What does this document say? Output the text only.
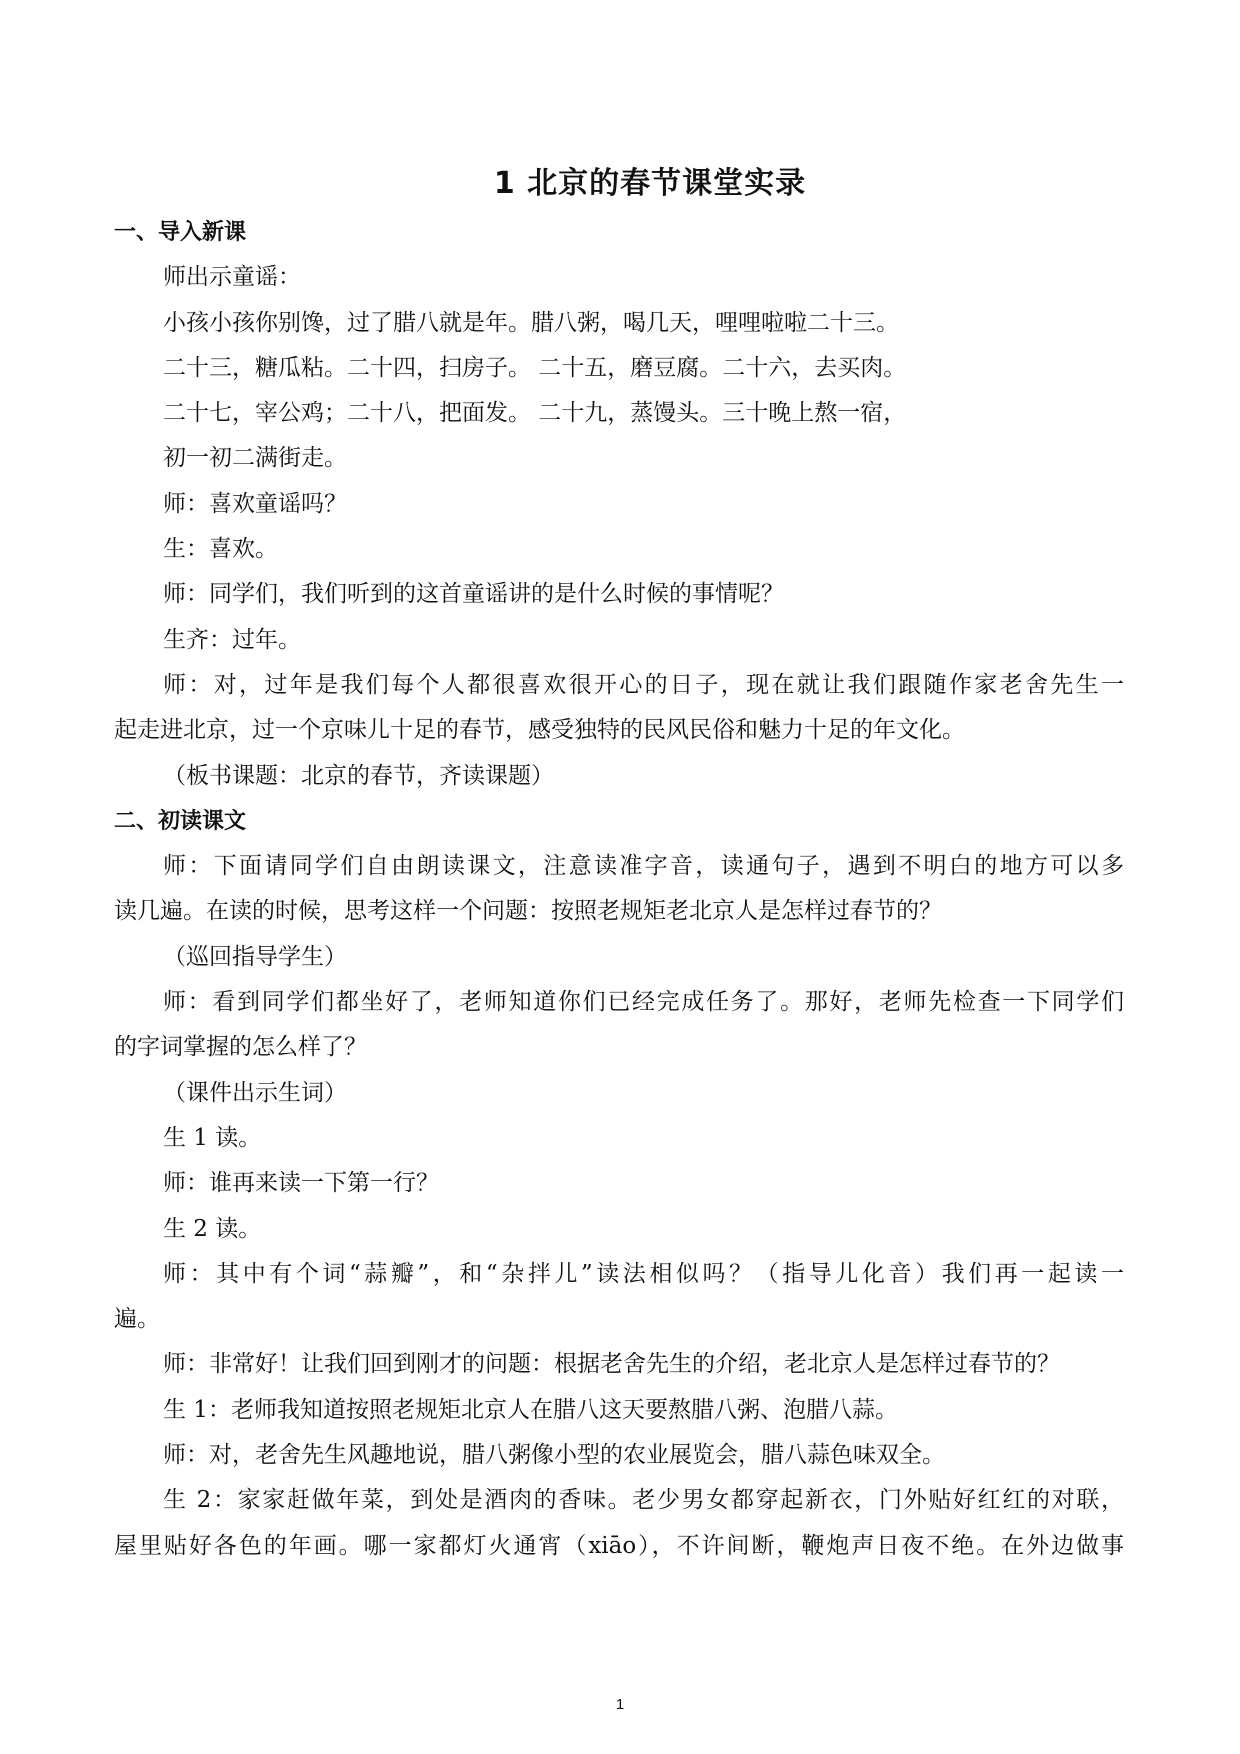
1 北京的春节课堂实录
一、导入新课
师出示童谣：
小孩小孩你别馋，过了腊八就是年。腊八粥，喝几天，哩哩啦啦二十三。
二十三，糖瓜粘。二十四，扫房子。 二十五，磨豆腐。二十六，去买肉。
二十七，宰公鸡；二十八，把面发。 二十九，蒸馒头。三十晚上熬一宿，
初一初二满街走。
师：喜欢童谣吗？
生：喜欢。
师：同学们，我们听到的这首童谣讲的是什么时候的事情呢？
生齐：过年。
师：对，过年是我们每个人都很喜欢很开心的日子，现在就让我们跟随作家老舍先生一
起走进北京，过一个京味儿十足的春节，感受独特的民风民俗和魅力十足的年文化。
（板书课题：北京的春节，齐读课题）
二、初读课文
师：下面请同学们自由朗读课文，注意读准字音，读通句子，遇到不明白的地方可以多
读几遍。在读的时候，思考这样一个问题：按照老规矩老北京人是怎样过春节的？
（巡回指导学生）
师：看到同学们都坐好了，老师知道你们已经完成任务了。那好，老师先检查一下同学们
的字词掌握的怎么样了？
（课件出示生词）
生 1 读。
师：谁再来读一下第一行？
生 2 读。
师：其中有个词“蒜瓣”，和“杂拌儿”读法相似吗？（指导儿化音）我们再一起读一
遍。
师：非常好！让我们回到刚才的问题：根据老舍先生的介绍，老北京人是怎样过春节的？
生 1：老师我知道按照老规矩北京人在腊八这天要熬腊八粥、泡腊八蒜。
师：对，老舍先生风趣地说，腊八粥像小型的农业展览会，腊八蒜色味双全。
生 2：家家赶做年菜，到处是酒肉的香味。老少男女都穿起新衣，门外贴好红红的对联，
屋里贴好各色的年画。哪一家都灯火通宵（xiāo），不许间断，鞭炮声日夜不绝。在外边做事
1
